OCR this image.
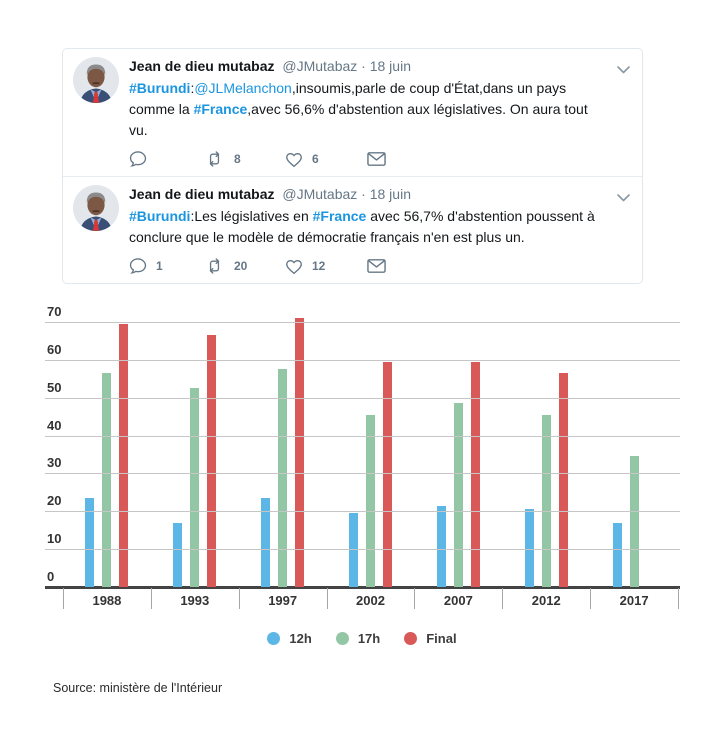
Jean de dieu mutabaz @JMutabaz · 18 juin

#Burundi:@JLMelanchon,insoumis,parle de coup d'État,dans un pays comme la #France,avec 56,6% d'abstention aux législatives. On aura tout vu.

8	6
Jean de dieu mutabaz @JMutabaz · 18 juin

#Burundi:Les législatives en #France avec 56,7% d'abstention poussent à conclure que le modèle de démocratie français n'en est plus un.

1	20	12
0
10
20
30
40
50
60
70
1988	1993	1997	2002	2007	2012	2017
12h	17h	Final
Source: ministère de l'Intérieur
